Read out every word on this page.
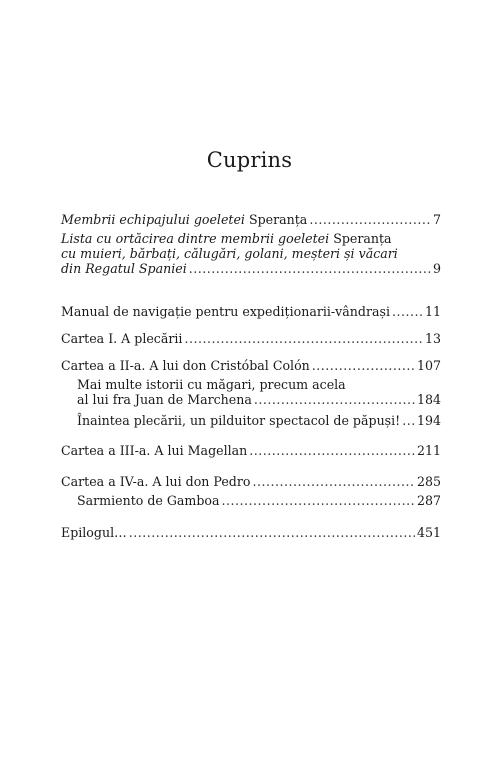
Cuprins
Membrii echipajului goeletei Speranța .....	7
Lista cu ortăcirea dintre membrii goeletei Speranța
cu muieri, bărbați, călugări, golani, meșteri și văcari
din Regatul Spaniei .....	9
Manual de navigație pentru expediționarii-vândrași .....	11
Cartea I. A plecării .....	13
Cartea a II-a. A lui don Cristóbal Colón .....	107
Mai multe istorii cu măgari, precum acela
al lui fra Juan de Marchena .....	184
Înaintea plecării, un pilduitor spectacol de păpuși! ..... 194
Cartea a III-a. A lui Magellan .....	211
Cartea a IV-a. A lui don Pedro .....	285
Sarmiento de Gamboa .....	287
Epilogul… .....	451
